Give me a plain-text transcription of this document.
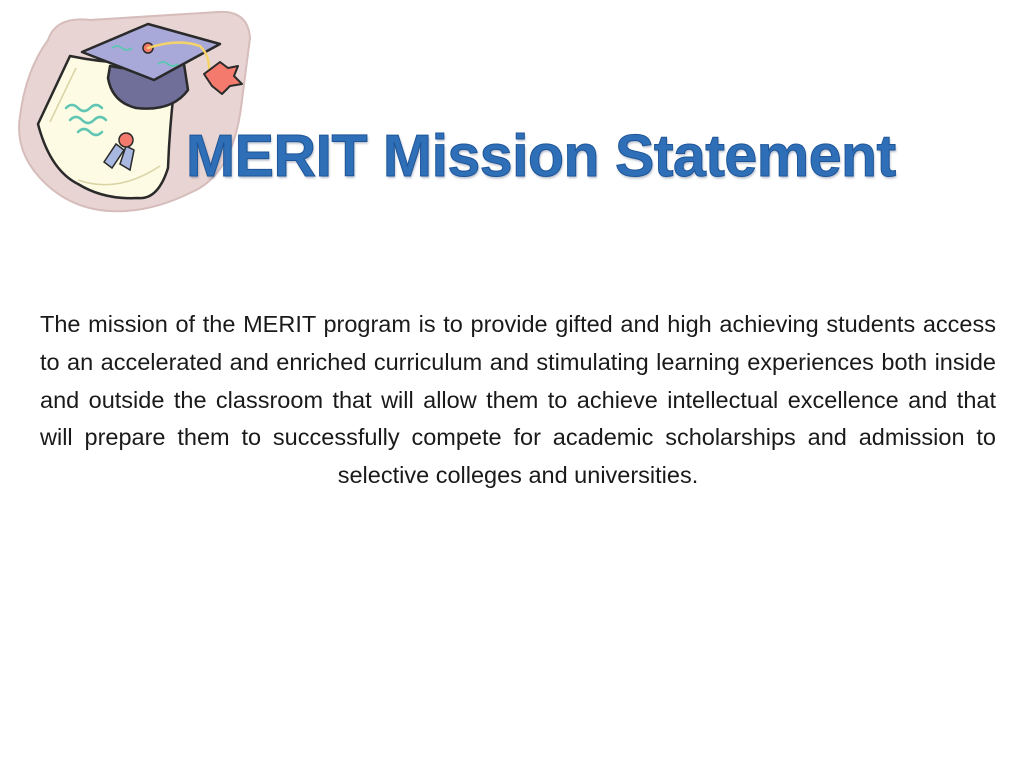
MERIT Mission Statement

The mission of the MERIT program is to provide gifted and high achieving students access to an accelerated and enriched curriculum and stimulating learning experiences both inside and outside the classroom that will allow them to achieve intellectual excellence and that will prepare them to successfully compete for academic scholarships and admission to selective colleges and universities.
